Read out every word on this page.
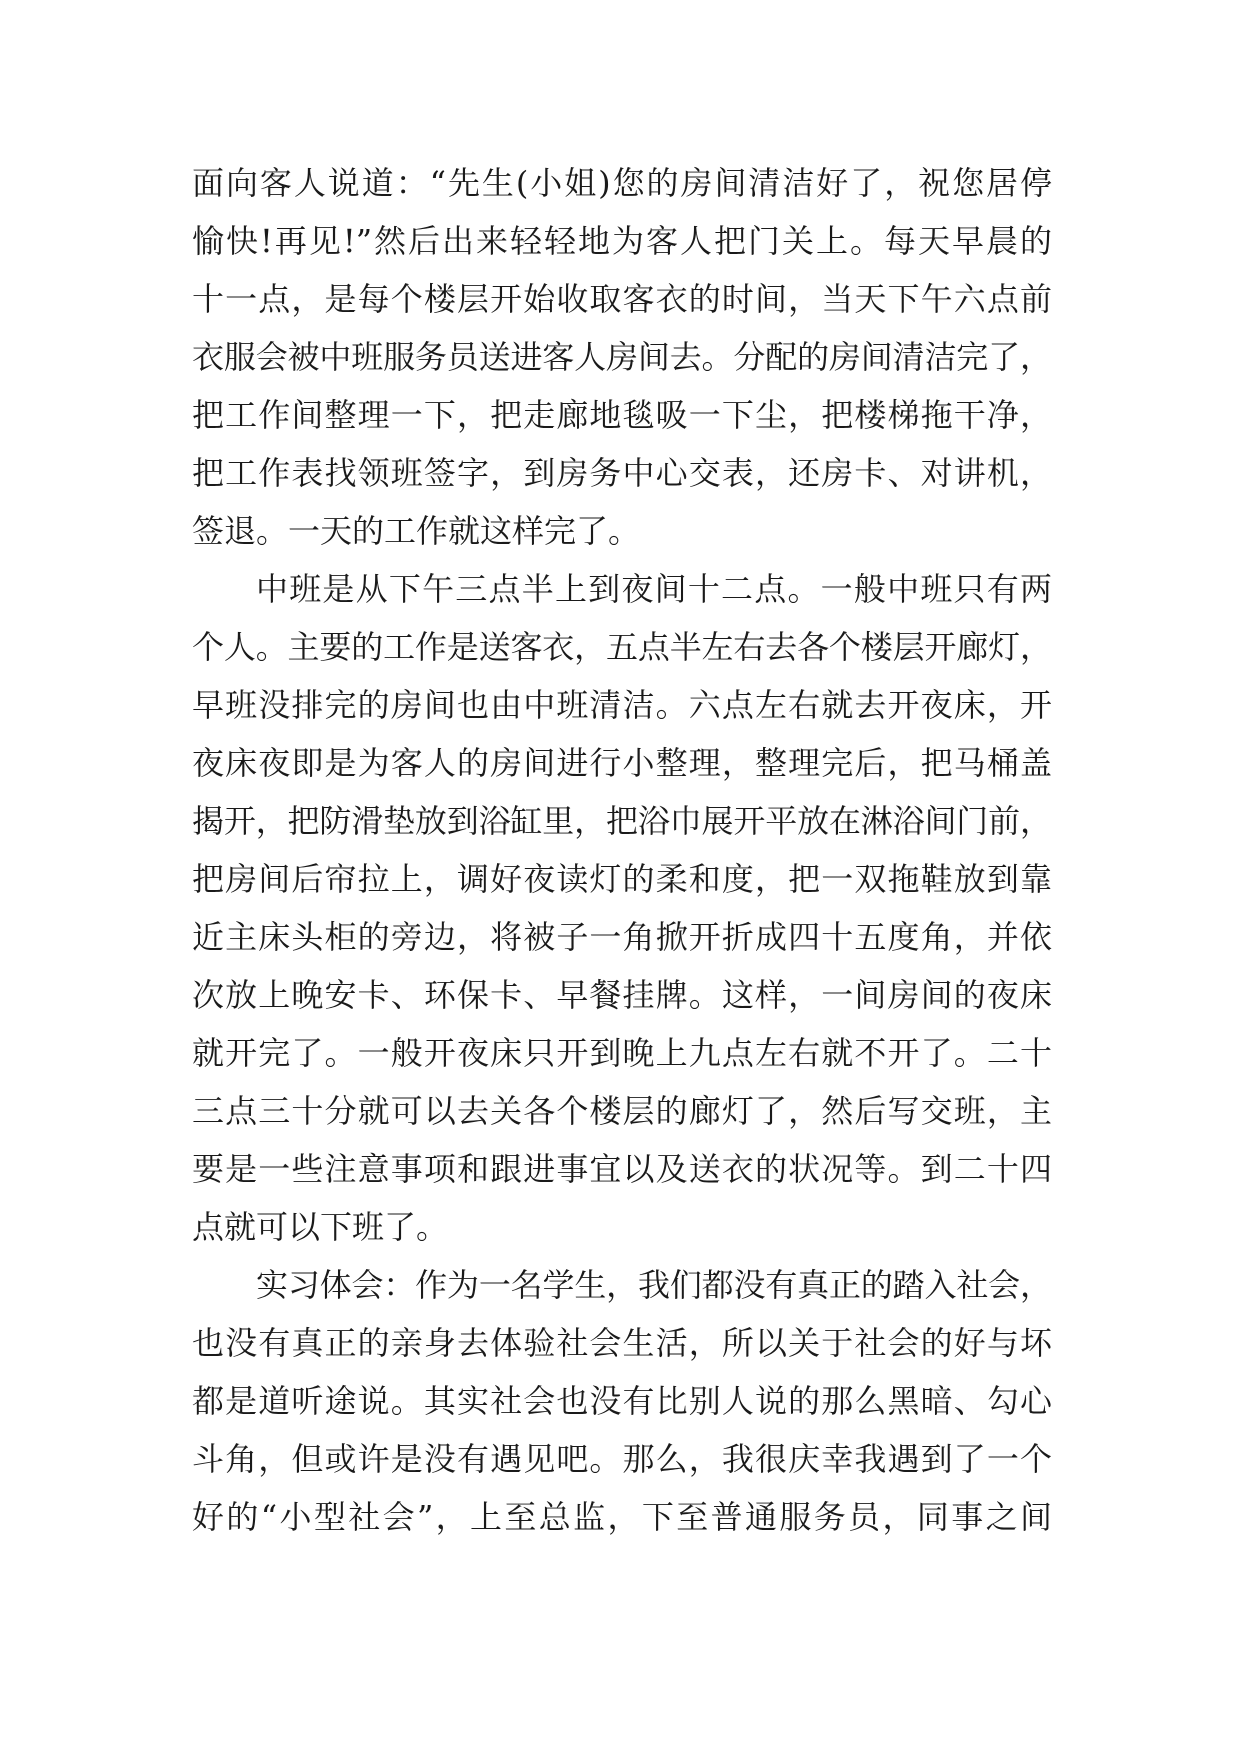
面向客人说道：“先生(小姐)您的房间清洁好了，祝您居停
愉快!再见!”然后出来轻轻地为客人把门关上。每天早晨的
十一点，是每个楼层开始收取客衣的时间，当天下午六点前
衣服会被中班服务员送进客人房间去。分配的房间清洁完了，
把工作间整理一下，把走廊地毯吸一下尘，把楼梯拖干净，
把工作表找领班签字，到房务中心交表，还房卡、对讲机，
签退。一天的工作就这样完了。
中班是从下午三点半上到夜间十二点。一般中班只有两
个人。主要的工作是送客衣，五点半左右去各个楼层开廊灯，
早班没排完的房间也由中班清洁。六点左右就去开夜床，开
夜床夜即是为客人的房间进行小整理，整理完后，把马桶盖
揭开，把防滑垫放到浴缸里，把浴巾展开平放在淋浴间门前，
把房间后帘拉上，调好夜读灯的柔和度，把一双拖鞋放到靠
近主床头柜的旁边，将被子一角掀开折成四十五度角，并依
次放上晚安卡、环保卡、早餐挂牌。这样，一间房间的夜床
就开完了。一般开夜床只开到晚上九点左右就不开了。二十
三点三十分就可以去关各个楼层的廊灯了，然后写交班，主
要是一些注意事项和跟进事宜以及送衣的状况等。到二十四
点就可以下班了。
实习体会：作为一名学生，我们都没有真正的踏入社会，
也没有真正的亲身去体验社会生活，所以关于社会的好与坏
都是道听途说。其实社会也没有比别人说的那么黑暗、勾心
斗角，但或许是没有遇见吧。那么，我很庆幸我遇到了一个
好的“小型社会”，上至总监，下至普通服务员，同事之间
